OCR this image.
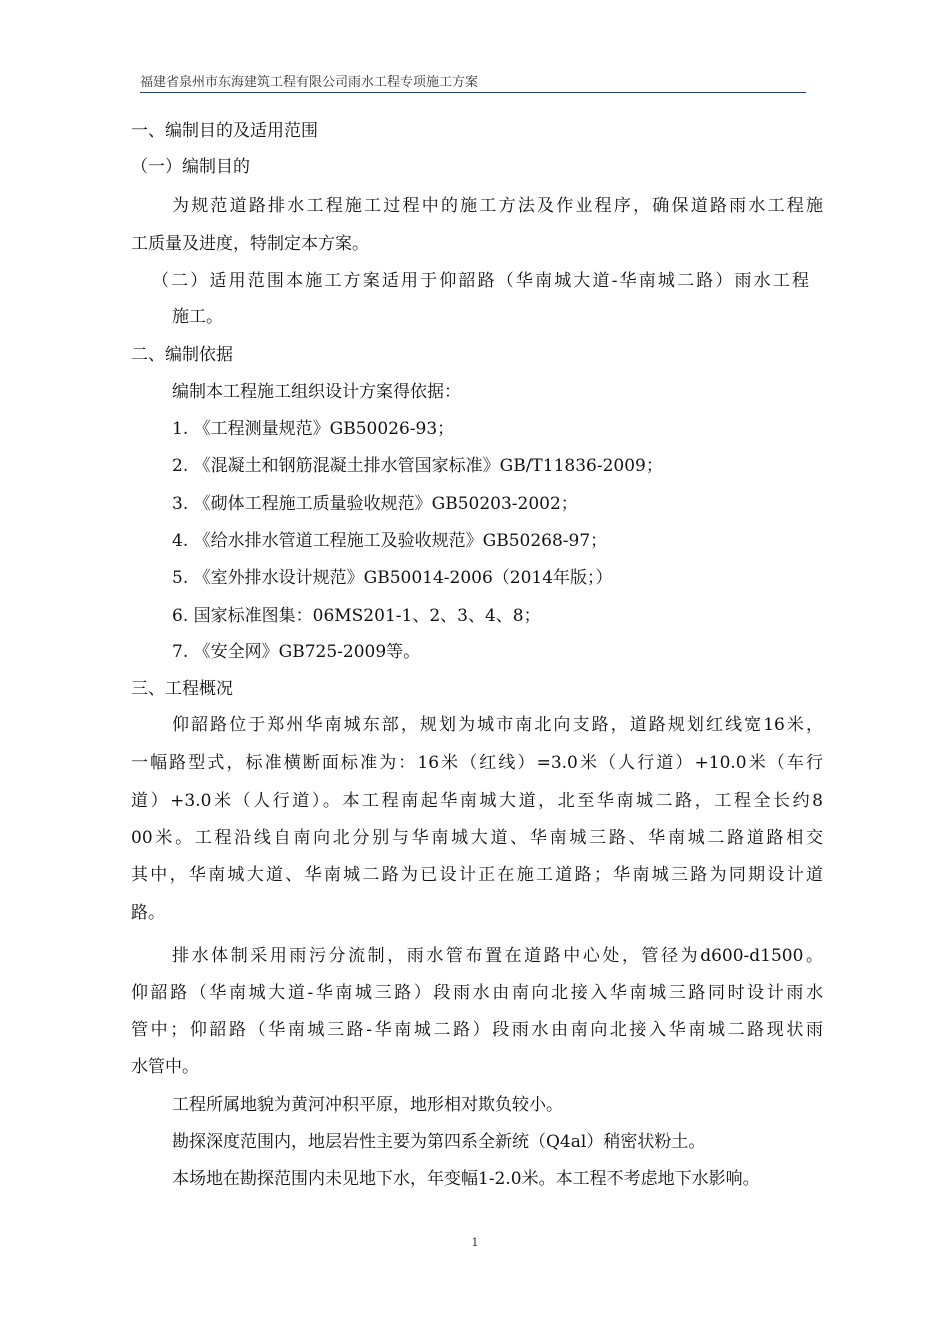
福建省泉州市东海建筑工程有限公司雨水工程专项施工方案
一、编制目的及适用范围
（一）编制目的
为规范道路排水工程施工过程中的施工方法及作业程序，确保道路雨水工程施
工质量及进度，特制定本方案。
（二）适用范围本施工方案适用于仰韶路（华南城大道-华南城二路）雨水工程
施工。
二、编制依据
编制本工程施工组织设计方案得依据：
1. 《工程测量规范》GB50026-93；
2. 《混凝土和钢筋混凝土排水管国家标准》GB/T11836-2009；
3. 《砌体工程施工质量验收规范》GB50203-2002；
4. 《给水排水管道工程施工及验收规范》GB50268-97；
5. 《室外排水设计规范》GB50014-2006（2014年版；）
6. 国家标准图集：06MS201-1、2、3、4、8；
7. 《安全网》GB725-2009等。
三、工程概况
仰韶路位于郑州华南城东部，规划为城市南北向支路，道路规划红线宽16米，
一幅路型式，标准横断面标准为：16米（红线）=3.0米（人行道）+10.0米（车行
道）+3.0米（人行道）。本工程南起华南城大道，北至华南城二路，工程全长约8
00米。工程沿线自南向北分别与华南城大道、华南城三路、华南城二路道路相交
其中，华南城大道、华南城二路为已设计正在施工道路；华南城三路为同期设计道
路。
排水体制采用雨污分流制，雨水管布置在道路中心处，管径为d600-d1500。
仰韶路（华南城大道-华南城三路）段雨水由南向北接入华南城三路同时设计雨水
管中；仰韶路（华南城三路-华南城二路）段雨水由南向北接入华南城二路现状雨
水管中。
工程所属地貌为黄河冲积平原，地形相对欺负较小。
勘探深度范围内，地层岩性主要为第四系全新统（Q4al）稍密状粉土。
本场地在勘探范围内未见地下水，年变幅1-2.0米。本工程不考虑地下水影响。
1
